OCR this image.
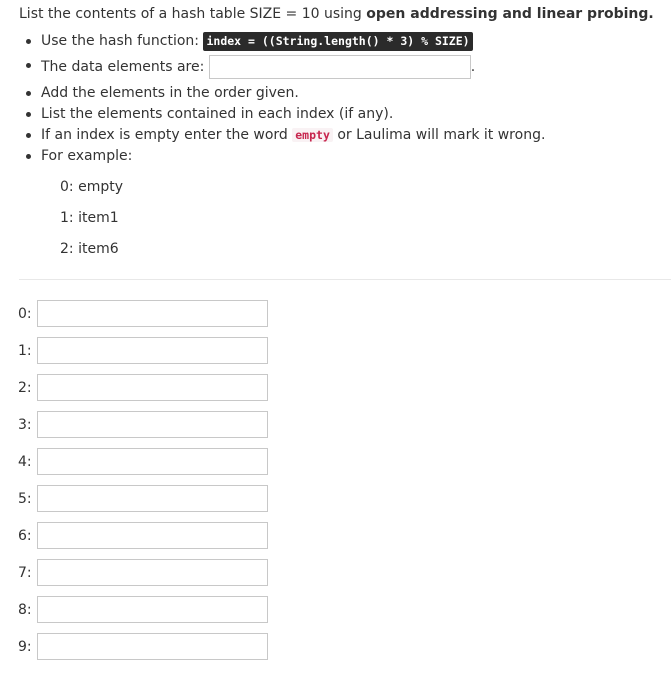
List the contents of a hash table SIZE = 10 using open addressing and linear probing.

Use the hash function: index = ((String.length() * 3) % SIZE)
The data elements are:	.
Add the elements in the order given.
List the elements contained in each index (if any).
If an index is empty enter the word empty or Laulima will mark it wrong.
For example:
0: empty
1: item1
2: item6
0:
1:
2:
3:
4:
5:
6:
7:
8:
9:
